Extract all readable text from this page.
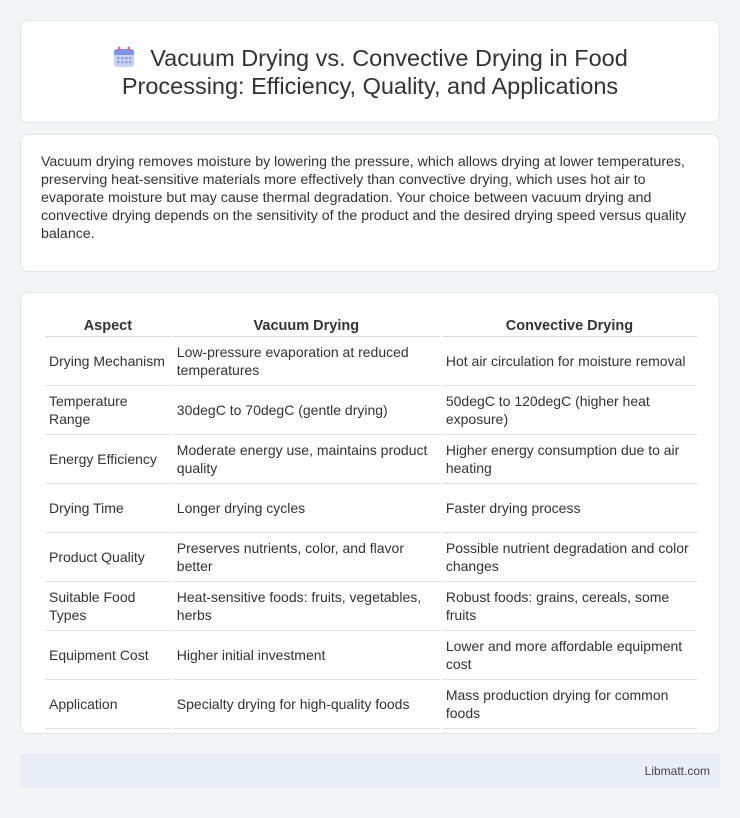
Vacuum Drying vs. Convective Drying in Food Processing: Efficiency, Quality, and Applications

Vacuum drying removes moisture by lowering the pressure, which allows drying at lower temperatures, preserving heat-sensitive materials more effectively than convective drying, which uses hot air to evaporate moisture but may cause thermal degradation. Your choice between vacuum drying and convective drying depends on the sensitivity of the product and the desired drying speed versus quality balance.

Aspect	Vacuum Drying	Convective Drying
Drying Mechanism	Low-pressure evaporation at reduced temperatures	Hot air circulation for moisture removal
Temperature Range	30degC to 70degC (gentle drying)	50degC to 120degC (higher heat exposure)
Energy Efficiency	Moderate energy use, maintains product quality	Higher energy consumption due to air heating
Drying Time	Longer drying cycles	Faster drying process
Product Quality	Preserves nutrients, color, and flavor better	Possible nutrient degradation and color changes
Suitable Food Types	Heat-sensitive foods: fruits, vegetables, herbs	Robust foods: grains, cereals, some fruits
Equipment Cost	Higher initial investment	Lower and more affordable equipment cost
Application	Specialty drying for high-quality foods	Mass production drying for common foods
Libmatt.com
